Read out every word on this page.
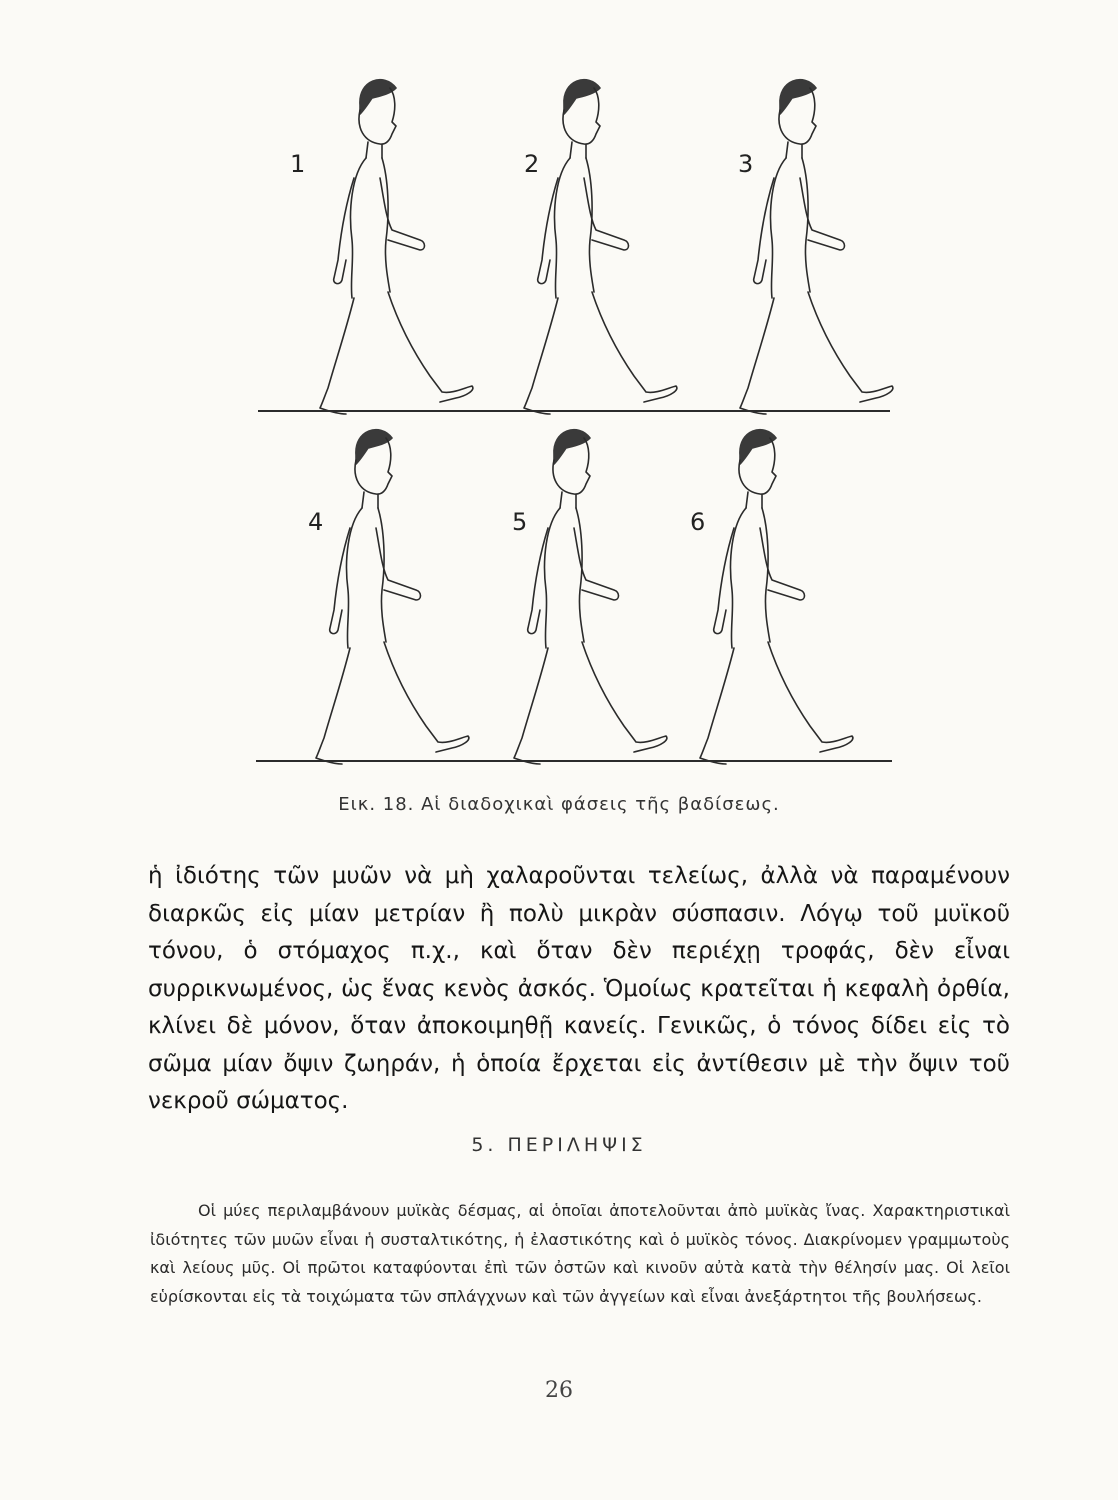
1	2	3
4	5	6
Εικ. 18. Αἱ διαδοχικαὶ φάσεις τῆς βαδίσεως.

ἡ ἰδιότης τῶν μυῶν νὰ μὴ χαλαροῦνται τελείως, ἀλλὰ νὰ παραμένουν διαρκῶς εἰς μίαν μετρίαν ἢ πολὺ μικρὰν σύσπασιν. Λόγῳ τοῦ μυϊκοῦ τόνου, ὁ στόμαχος π.χ., καὶ ὅταν δὲν περιέχῃ τροφάς, δὲν εἶναι συρρικνωμένος, ὡς ἕνας κενὸς ἀσκός. Ὁμοίως κρατεῖται ἡ κεφαλὴ ὀρθία, κλίνει δὲ μόνον, ὅταν ἀποκοιμηθῇ κανείς. Γενικῶς, ὁ τόνος δίδει εἰς τὸ σῶμα μίαν ὄψιν ζωηράν, ἡ ὁποία ἔρχεται εἰς ἀντίθεσιν μὲ τὴν ὄψιν τοῦ νεκροῦ σώματος.

5. ΠΕΡΙΛΗΨΙΣ

Οἱ μύες περιλαμβάνουν μυϊκὰς δέσμας, αἱ ὁποῖαι ἀποτελοῦνται ἀπὸ μυϊκὰς ἴνας. Χαρακτηριστικαὶ ἰδιότητες τῶν μυῶν εἶναι ἡ συσταλτικότης, ἡ ἐλαστικότης καὶ ὁ μυϊκὸς τόνος. Διακρίνομεν γραμμωτοὺς καὶ λείους μῦς. Οἱ πρῶτοι καταφύονται ἐπὶ τῶν ὀστῶν καὶ κινοῦν αὐτὰ κατὰ τὴν θέλησίν μας. Οἱ λεῖοι εὑρίσκονται εἰς τὰ τοιχώματα τῶν σπλάγχνων καὶ τῶν ἀγγείων καὶ εἶναι ἀνεξάρτητοι τῆς βουλήσεως.

26
